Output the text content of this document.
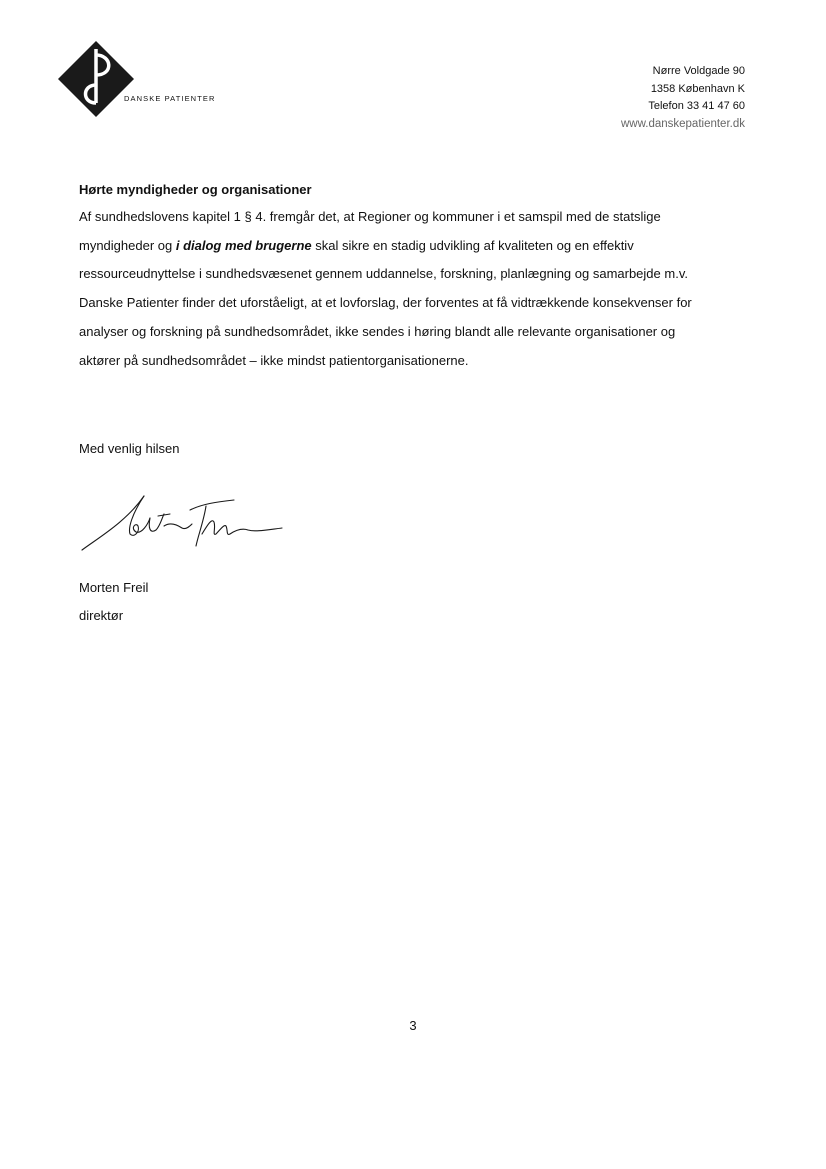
DANSKE PATIENTER
Nørre Voldgade 90
1358 København K
Telefon 33 41 47 60
www.danskepatienter.dk
Hørte myndigheder og organisationer
Af sundhedslovens kapitel 1 § 4. fremgår det, at Regioner og kommuner i et samspil med de statslige
myndigheder og i dialog med brugerne skal sikre en stadig udvikling af kvaliteten og en effektiv
ressourceudnyttelse i sundhedsvæsenet gennem uddannelse, forskning, planlægning og samarbejde m.v.
Danske Patienter finder det uforståeligt, at et lovforslag, der forventes at få vidtrækkende konsekvenser for
analyser og forskning på sundhedsområdet, ikke sendes i høring blandt alle relevante organisationer og
aktører på sundhedsområdet – ikke mindst patientorganisationerne.
Med venlig hilsen
Morten Freil
direktør
3
